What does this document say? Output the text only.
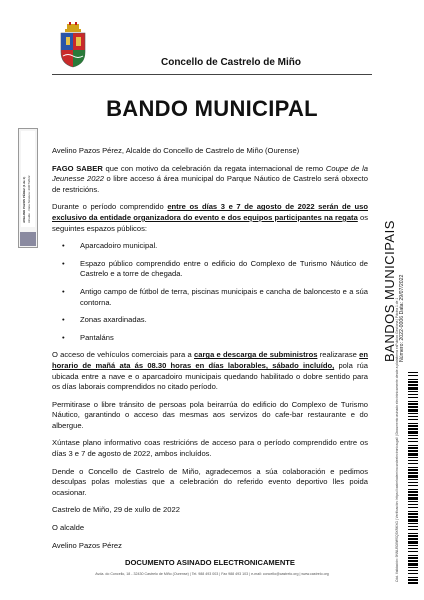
Concello de Castrelo de Miño
BANDO MUNICIPAL

Avelino Pazos Pérez, Alcalde do Concello de Castrelo de Miño (Ourense)

FAGO SABER que con motivo da celebración da regata internacional de remo Coupe de la Jeunesse 2022 o libre acceso á área municipal do Parque Náutico de Castrelo será obxecto de restricións.

Durante o período comprendido entre os días 3 e 7 de agosto de 2022 serán de uso exclusivo da entidade organizadora do evento e dos equipos participantes na regata os seguintes espazos públicos:

• Aparcadoiro municipal.
• Espazo público comprendido entre o edificio do Complexo de Turismo Náutico de Castrelo e a torre de chegada.
• Antigo campo de fútbol de terra, piscinas municipais e cancha de baloncesto e a súa contorna.
• Zonas axardinadas.
• Pantaláns

O acceso de vehículos comerciais para a carga e descarga de subministros realizarase en horario de mañá ata ás 08.30 horas en días laborables, sábado incluído, pola rúa ubicada entre a nave e o aparcadoiro municipais quedando habilitado o dobre sentido para os días laborais comprendidos no citado período.

Permitirase o libre tránsito de persoas pola beirarrúa do edificio do Complexo de Turismo Náutico, garantindo o acceso das mesmas aos servizos do cafe-bar restaurante e do albergue.

Xúntase plano informativo coas restricións de acceso para o período comprendido entre os días 3 e 7 de agosto de 2022, ambos incluídos.

Dende o Concello de Castrelo de Miño, agradecemos a súa colaboración e pedimos desculpas polas molestias que a celebración do referido evento deportivo lles poida ocasionar.

Castrelo de Miño, 29 de xullo de 2022

O alcalde

Avelino Pazos Pérez

DOCUMENTO ASINADO ELECTRONICAMENTE

Avda. do Concello, 18 - 32430 Castrelo de Miño (Ourense) | Tel. 988 493 003 | Fax 988 493 103 | e-mail: concello@castrelo.org | www.castrelo.org
AVELINO PAZOS PÉREZ (1 de 1) Alcalde · Data Sinatura: 29/07/2022
BANDOS MUNICIPAIS Número: 2022-0006 Data: 29/07/2022
Cód. Validación: 9NNLRD9WSQ5XRKXG | Verificación: https://castrelodemino.sedeelectronica.gal/ | Documento asinado electrónicamente desde a plataforma esPublico Gestiona | Páxina 1 de 1
